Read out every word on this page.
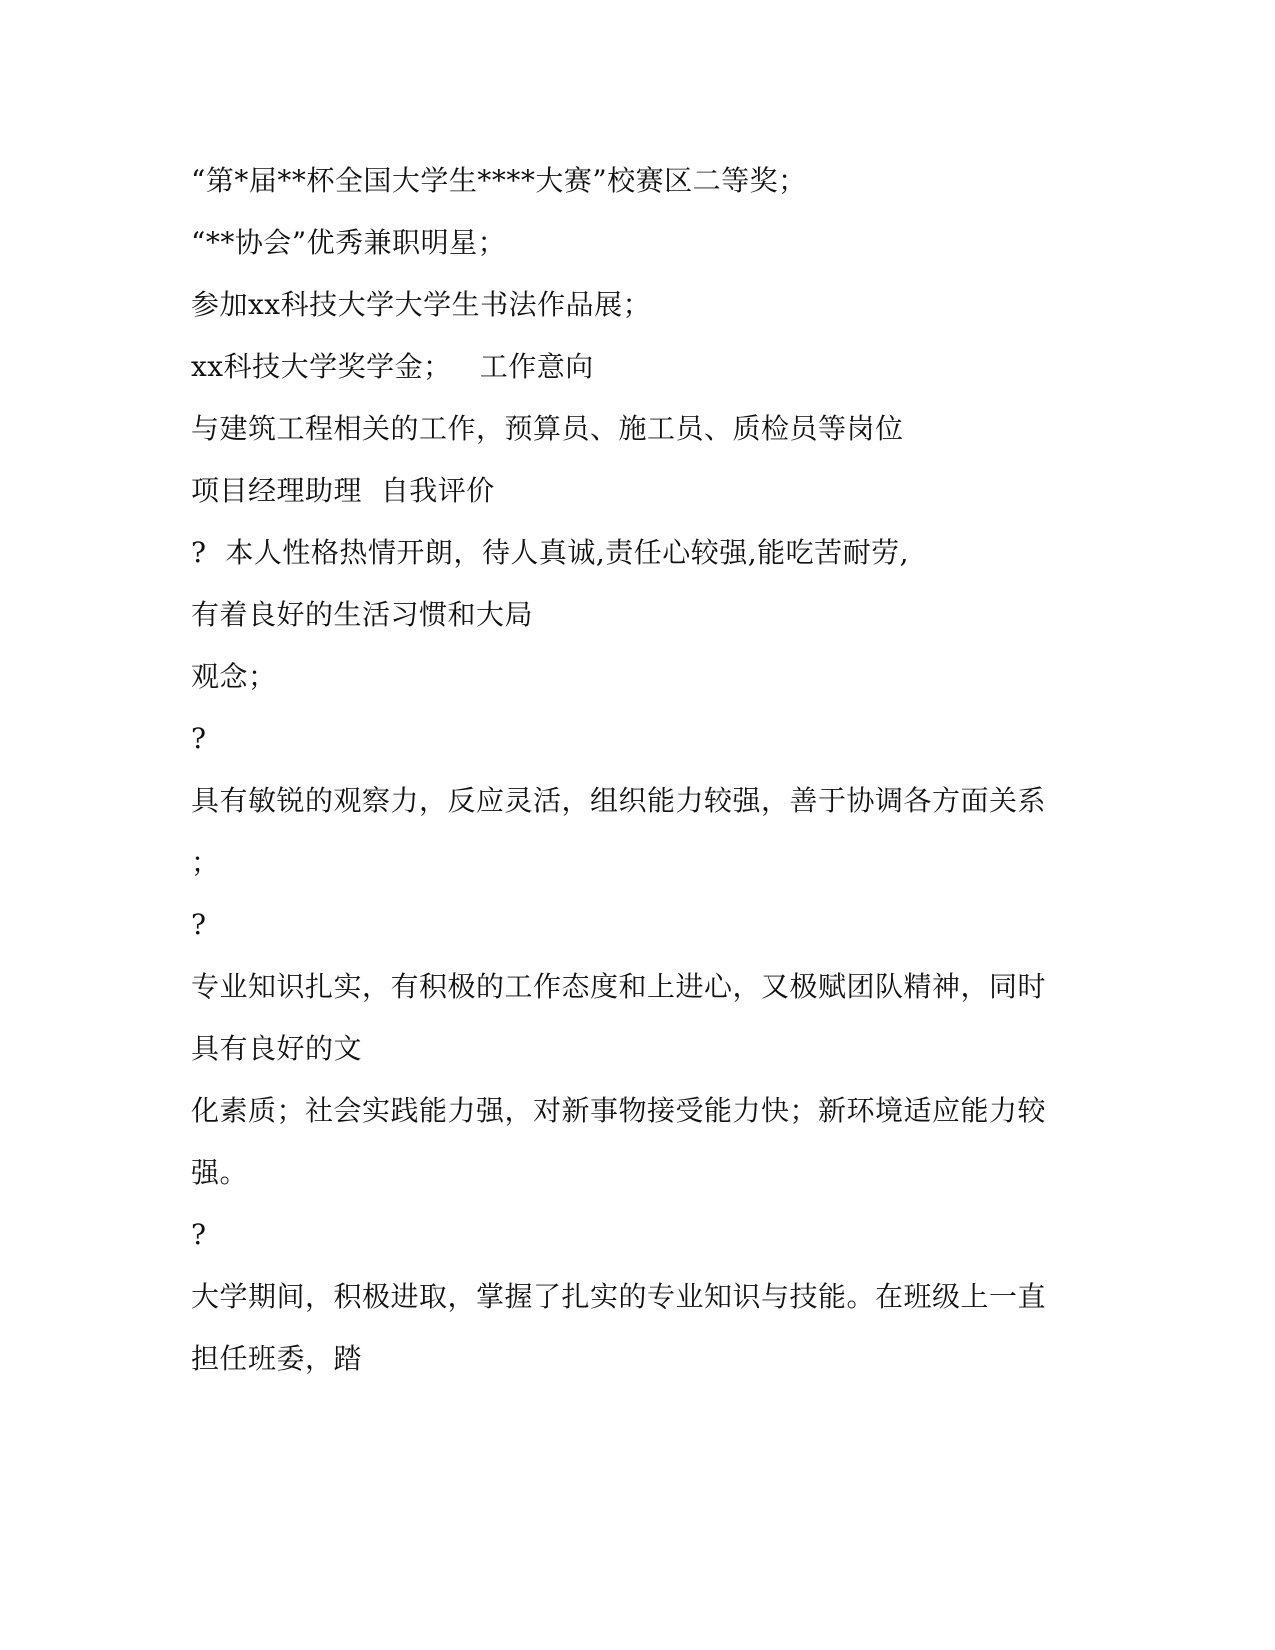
“第*届**杯全国大学生****大赛”校赛区二等奖；
“**协会”优秀兼职明星；
参加xx科技大学大学生书法作品展；
xx科技大学奖学金；   工作意向
与建筑工程相关的工作，预算员、施工员、质检员等岗位
项目经理助理  自我评价
?  本人性格热情开朗，待人真诚,责任心较强,能吃苦耐劳,
有着良好的生活习惯和大局
观念；
?
具有敏锐的观察力，反应灵活，组织能力较强，善于协调各方面关系
；
?
专业知识扎实，有积极的工作态度和上进心，又极赋团队精神，同时
具有良好的文
化素质；社会实践能力强，对新事物接受能力快；新环境适应能力较
强。
?
大学期间，积极进取，掌握了扎实的专业知识与技能。在班级上一直
担任班委，踏
